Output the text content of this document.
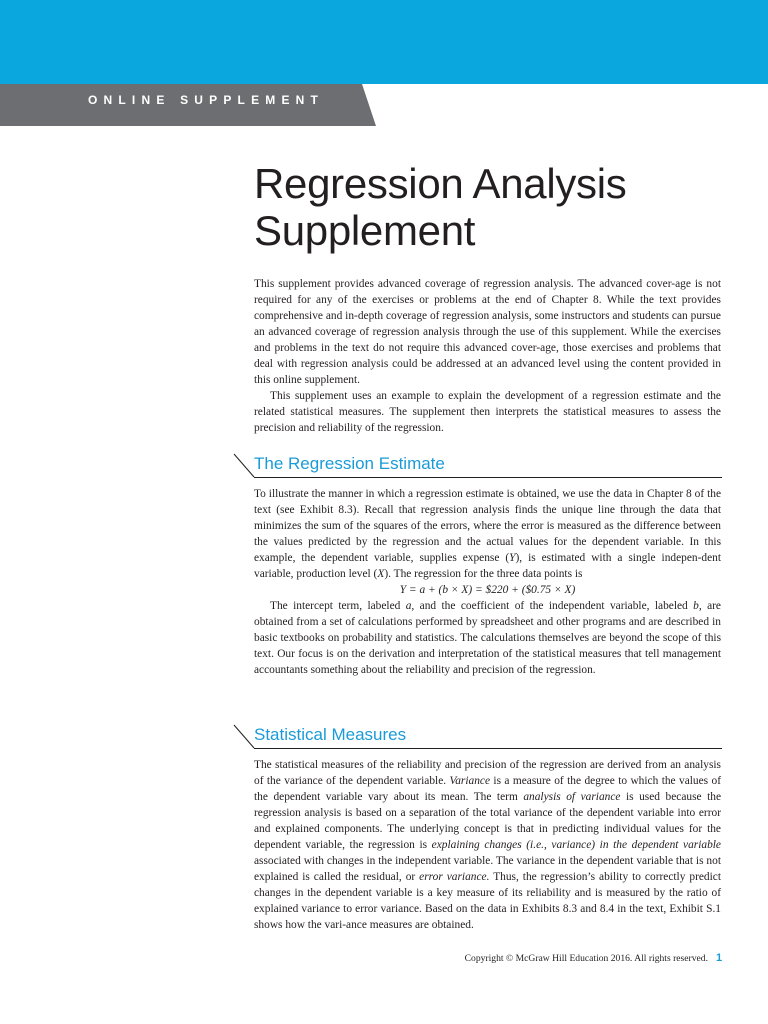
ONLINE SUPPLEMENT
Regression Analysis
Supplement

This supplement provides advanced coverage of regression analysis. The advanced cover-age is not required for any of the exercises or problems at the end of Chapter 8. While the text provides comprehensive and in-depth coverage of regression analysis, some instructors and students can pursue an advanced coverage of regression analysis through the use of this supplement. While the exercises and problems in the text do not require this advanced cover-age, those exercises and problems that deal with regression analysis could be addressed at an advanced level using the content provided in this online supplement.

This supplement uses an example to explain the development of a regression estimate and the related statistical measures. The supplement then interprets the statistical measures to assess the precision and reliability of the regression.

The Regression Estimate

To illustrate the manner in which a regression estimate is obtained, we use the data in Chapter 8 of the text (see Exhibit 8.3). Recall that regression analysis finds the unique line through the data that minimizes the sum of the squares of the errors, where the error is measured as the difference between the values predicted by the regression and the actual values for the dependent variable. In this example, the dependent variable, supplies expense (Y), is estimated with a single indepen-dent variable, production level (X). The regression for the three data points is

Y = a + (b × X) = $220 + ($0.75 × X)

The intercept term, labeled a, and the coefficient of the independent variable, labeled b, are obtained from a set of calculations performed by spreadsheet and other programs and are described in basic textbooks on probability and statistics. The calculations themselves are beyond the scope of this text. Our focus is on the derivation and interpretation of the statistical measures that tell management accountants something about the reliability and precision of the regression.

Statistical Measures

The statistical measures of the reliability and precision of the regression are derived from an analysis of the variance of the dependent variable. Variance is a measure of the degree to which the values of the dependent variable vary about its mean. The term analysis of variance is used because the regression analysis is based on a separation of the total variance of the dependent variable into error and explained components. The underlying concept is that in predicting individual values for the dependent variable, the regression is explaining changes (i.e., variance) in the dependent variable associated with changes in the independent variable. The variance in the dependent variable that is not explained is called the residual, or error variance. Thus, the regression’s ability to correctly predict changes in the dependent variable is a key measure of its reliability and is measured by the ratio of explained variance to error variance. Based on the data in Exhibits 8.3 and 8.4 in the text, Exhibit S.1 shows how the vari-ance measures are obtained.

Copyright © McGraw Hill Education 2016. All rights reserved. 1
